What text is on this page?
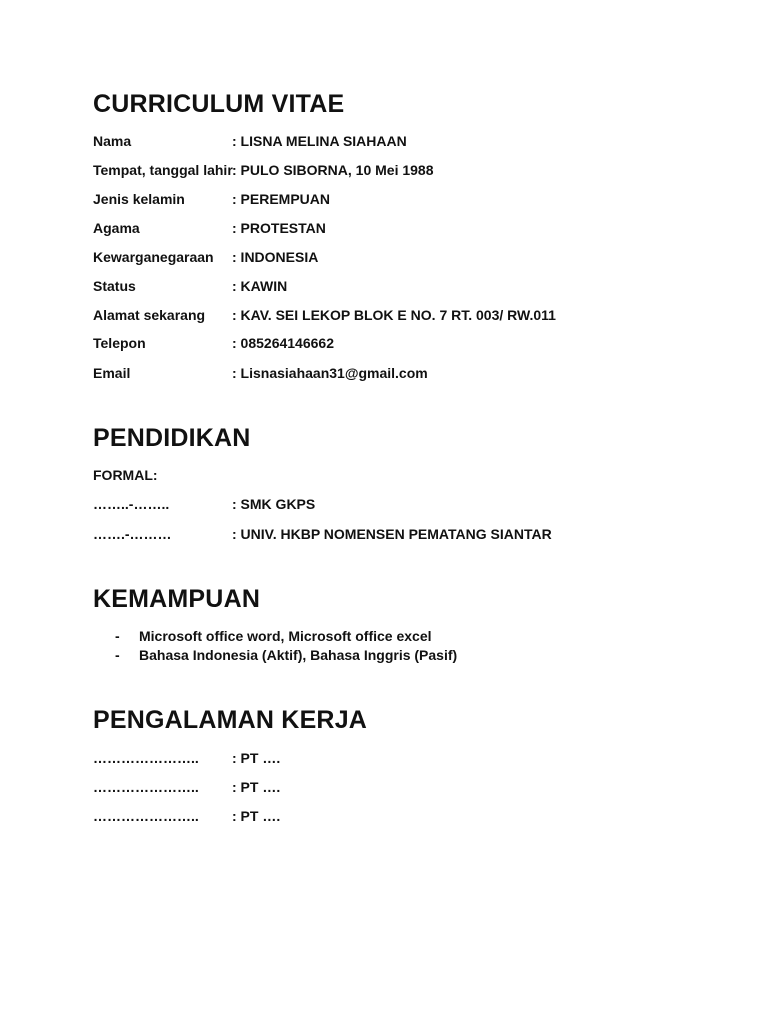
CURRICULUM VITAE
Nama	: LISNA MELINA SIAHAAN
Tempat, tanggal lahir : PULO SIBORNA, 10 Mei 1988
Jenis kelamin	: PEREMPUAN
Agama	: PROTESTAN
Kewarganegaraan : INDONESIA
Status	: KAWIN
Alamat sekarang : KAV. SEI LEKOP BLOK E NO. 7 RT. 003/ RW.011
Telepon	: 085264146662
Email	: Lisnasiahaan31@gmail.com
PENDIDIKAN
FORMAL:
……..-……..	: SMK GKPS
…….-………	: UNIV. HKBP NOMENSEN PEMATANG SIANTAR
KEMAMPUAN
- Microsoft office word, Microsoft office excel
- Bahasa Indonesia (Aktif), Bahasa Inggris (Pasif)
PENGALAMAN KERJA
………………….. : PT ….
………………….. : PT ….
………………….. : PT ….
